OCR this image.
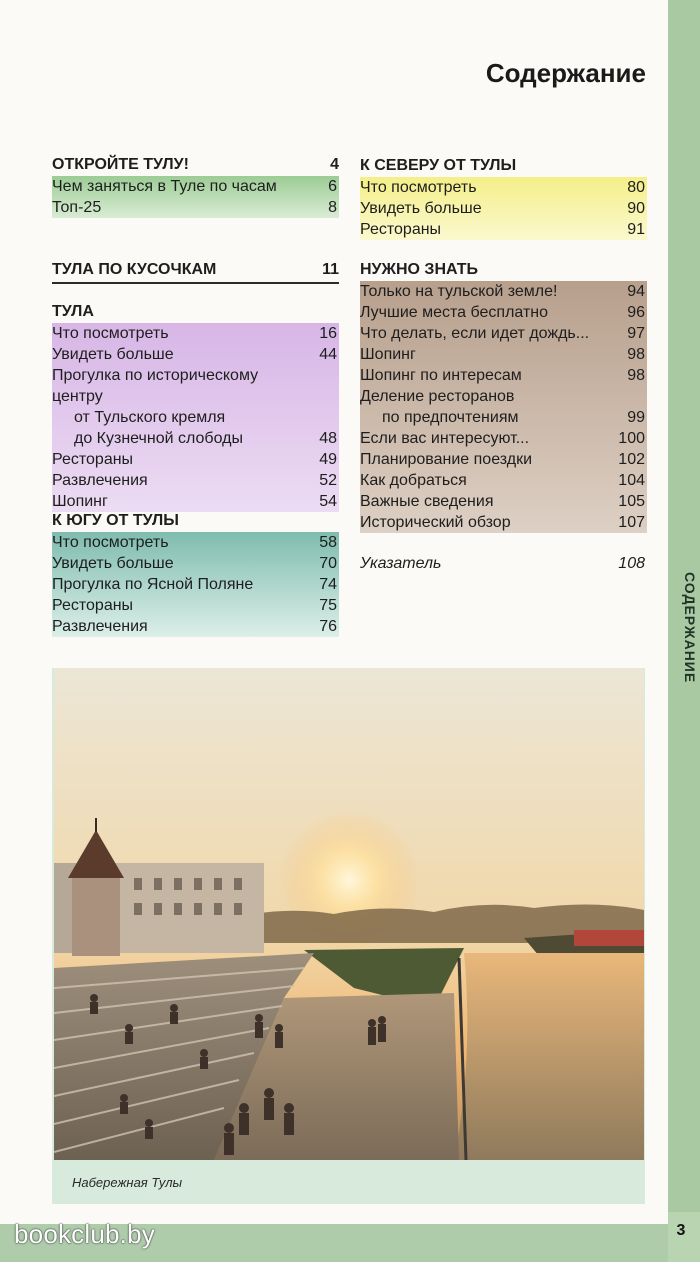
СОДЕРЖАНИЕ
3
Содержание
ОТКРОЙТЕ ТУЛУ!	4
Чем заняться в Туле по часам	6
Топ-25	8
ТУЛА ПО КУСОЧКАМ	11
ТУЛА
Что посмотреть	16
Увидеть больше	44
Прогулка по историческому центру
от Тульского кремля
до Кузнечной слободы	48
Рестораны	49
Развлечения	52
Шопинг	54
К ЮГУ ОТ ТУЛЫ
Что посмотреть	58
Увидеть больше	70
Прогулка по Ясной Поляне	74
Рестораны	75
Развлечения	76
К СЕВЕРУ ОТ ТУЛЫ
Что посмотреть	80
Увидеть больше	90
Рестораны	91
НУЖНО ЗНАТЬ
Только на тульской земле!	94
Лучшие места бесплатно	96
Что делать, если идет дождь...	97
Шопинг	98
Шопинг по интересам	98
Деление ресторанов
по предпочтениям	99
Если вас интересуют...	100
Планирование поездки	102
Как добраться	104
Важные сведения	105
Исторический обзор	107
Указатель	108
Набережная Тулы
bookclub.by
